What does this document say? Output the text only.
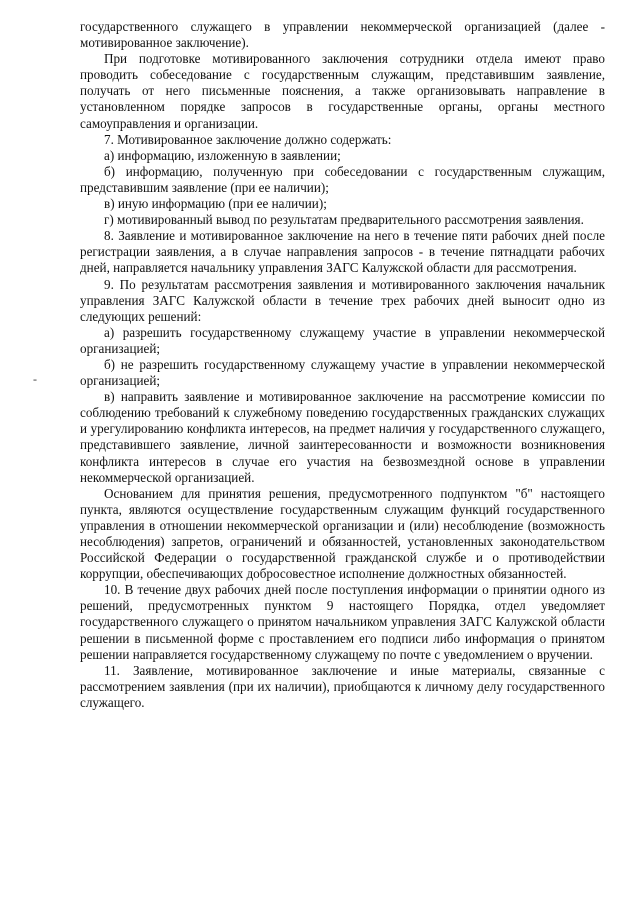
-

государственного служащего в управлении некоммерческой организацией (далее - мотивированное заключение).

При подготовке мотивированного заключения сотрудники отдела имеют право проводить собеседование с государственным служащим, представившим заявление, получать от него письменные пояснения, а также организовывать направление в установленном порядке запросов в государственные органы, органы местного самоуправления и организации.

7. Мотивированное заключение должно содержать:

а) информацию, изложенную в заявлении;

б) информацию, полученную при собеседовании с государственным служащим, представившим заявление (при ее наличии);

в) иную информацию (при ее наличии);

г) мотивированный вывод по результатам предварительного рассмотрения заявления.

8. Заявление и мотивированное заключение на него в течение пяти рабочих дней после регистрации заявления, а в случае направления запросов - в течение пятнадцати рабочих дней, направляется начальнику управления ЗАГС Калужской области для рассмотрения.

9. По результатам рассмотрения заявления и мотивированного заключения начальник управления ЗАГС Калужской области в течение трех рабочих дней выносит одно из следующих решений:

а) разрешить государственному служащему участие в управлении некоммерческой организацией;

б) не разрешить государственному служащему участие в управлении некоммерческой организацией;

в) направить заявление и мотивированное заключение на рассмотрение комиссии по соблюдению требований к служебному поведению государственных гражданских служащих и урегулированию конфликта интересов, на предмет наличия у государственного служащего, представившего заявление, личной заинтересованности и возможности возникновения конфликта интересов в случае его участия на безвозмездной основе в управлении некоммерческой организацией.

Основанием для принятия решения, предусмотренного подпунктом "б" настоящего пункта, являются осуществление государственным служащим функций государственного управления в отношении некоммерческой организации и (или) несоблюдение (возможность несоблюдения) запретов, ограничений и обязанностей, установленных законодательством Российской Федерации о государственной гражданской службе и о противодействии коррупции, обеспечивающих добросовестное исполнение должностных обязанностей.

10. В течение двух рабочих дней после поступления информации о принятии одного из решений, предусмотренных пунктом 9 настоящего Порядка, отдел уведомляет государственного служащего о принятом начальником управления ЗАГС Калужской области решении в письменной форме с проставлением его подписи либо информация о принятом решении направляется государственному служащему по почте с уведомлением о вручении.

11. Заявление, мотивированное заключение и иные материалы, связанные с рассмотрением заявления (при их наличии), приобщаются к личному делу государственного служащего.
